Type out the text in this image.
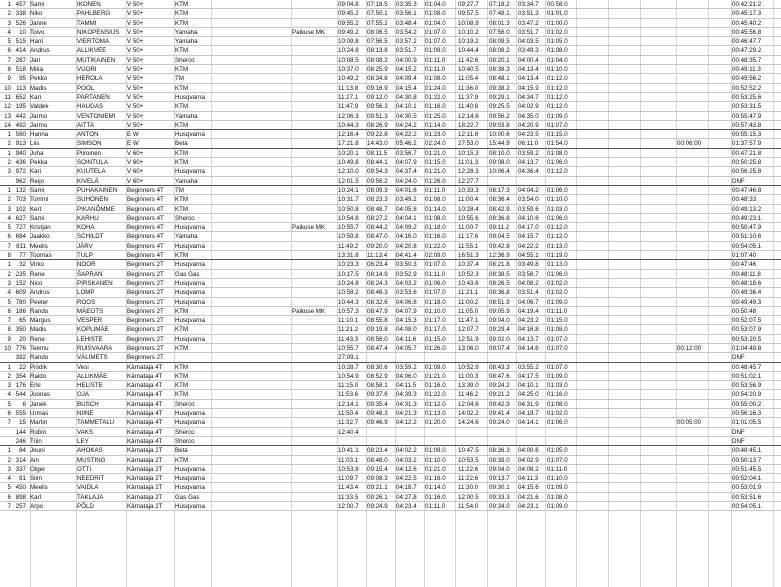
1 457 Sami	IKONEN	V 50+	KTM	09:04.8	07:18.5	03:35.3	01:04.0	09:27.7	07:18.2	03:34.7	00:58.0	00:42:21.2
2 338 Niko	PAHLBERG	V 50+	KTM	09:45.2	07:50.1	03:56.1	01:08.0	09:57.5	07:48.1	03:51.3	01:01.0	00:45:17.3
3 526 Janne	TAMMI	V 50+	KTM	09:55.2	07:55.2	03:48.4	01:04.0	10:08.9	08:01.3	03:47.2	01:00.0	00:45:40.2
4	10 Toivo	NIKOPENSIUS	V 50+	Yamaha	Paikuse MK	09:49.2	08:06.5	03:54.2	01:07.0	10:10.2	07:56.0	03:51.7	01:02.0	00:45:56.8
5 515 Harri	VIERTOMA	V 50+	Yamaha	10:09.8	07:56.5	03:57.2	01:07.0	10:19.2	08:09.5	04:03.5	01:05.0	00:46:47.7
6 414 Andrus	ALLIKVEE	V 50+	KTM	10:24.8	08:13.8	03:51.7	01:09.0	10:44.4	08:08.2	03:49.3	01:08.0	00:47:29.2
7 287 Jari	MUTIKAINEN	V 50+	Sherco	10:08.5	08:08.2	04:00.9	01:11.0	11:42.6	08:20.1	04:00.4	01:04.0	00:48:35.7
8 518 Mika	VUORI	V 50+	KTM	10:37.0	08:25.9	04:15.2	01:11.0	10:40.5	08:38.3	04:13.4	01:10.0	00:49:11.3
9	95 Pekko	HEROLA	V 50+	TM	10:49.2	08:34.8	04:09.4	01:08.0	11:05.4	08:48.1	04:13.4	01:12.0	00:49:56.2
10 113 Madis	POOL	V 50+	KTM	11:13.8	09:16.9	04:15.4	01:24.0	11:36.0	09:38.2	04:15.9	01:12.0	00:52:52.2
11 652 Kari	PARTANEN	V 50+	Husqvarna	11:27.1	09:12.0	04:30.8	01:22.0	11:37.9	09:29.1	04:34.7	01:12.0	00:53:25.6
12 195 Valdek	HAUGAS	V 50+	KTM	11:47.9	09:56.3	04:10.1	01:16.0	11:40.8	09:25.5	04:02.9	01:12.0	00:53:31.5
13 442 Jarmo	VENTONIEMI	V 50+	Yamaha	12:06.3	09:51.3	04:30.5	01:25.0	12:14.6	09:56.2	04:35.0	01:09.0	00:55:47.9
14 492 Jarmo	AITTA	V 50+	KTM	10:44.3	08:26.9	04:24.2	01:14.0	18:22.7	09:03.8	04:20.9	01:07.0	00:57:43.8
1 560 Hanna	ANTON	E W	Husqvarna	12:16.4	09:22.8	04:22.2	01:23.0	12:11.8	10:00.6	04:23.5	01:15.0	00:55:15.3
2 913 Liis	SIMSON	E W	Beta	17:21.8	14:43.0	05:46.2	02:24.0	27:53.0	15:44.9	06:11.0	01:54.0	00:06:00	01:37:57.9
1 940 Juha	Piiroinen	V 60+	KTM	10:20.1	08:11.5	03:56.7	01:21.0	10:15.3	08:10.0	03:59.2	01:08.0	00:47:21.8
2 436 Pekka	SOINTULA	V 60+	KTM	10:49.8	08:44.1	04:07.9	01:15.0	11:01.3	09:08.0	04:13.7	01:06.0	00:50:25.8
3 972 Kari	KUUTELA	V 60+	Husqvarna	12:10.0	09:54.3	04:37.4	01:21.0	12:28.3	10:06.4	04:36.4	01:12.0	00:56:25.8
962 Reijo	KIVELÄ	V 60+	Yamaha	12:01.5	09:56.2	04:24.0	01:26.0	12:27.7	DNF
1 132 Sami	PUHAKAINEN	Beginners 4T	TM	10:24.1	08:09.3	04:01.6	01:11.0	10:33.3	08:17.3	04:04.2	01:06.0	00:47:46.8
2 703 Tommi	SUHONEN	Beginners 4T	KTM	10:31.7	08:23.3	03:49.2	01:08.0	11:00.4	08:36.4	03:54.0	01:10.0	00:48:33
3 102 Kert	PIKANÕMME	Beginners 4T	KTM	10:50.8	08:48.7	04:05.8	01:14.0	10:28.4	08:42.9	03:59.6	01:03.0	00:49:13.2
4 627 Sami	KARHU	Beginners 4T	Sherco	10:54.8	08:27.2	04:04.1	01:08.0	10:55.6	08:36.8	04:10.6	01:06.0	00:49:23.1
5 727 Kristjan	KOHA	Beginners 4T	Husqvarna	Paikuse MK	10:55.7	08:44.2	04:09.2	01:18.0	11:00.7	09:11.2	04:17.0	01:12.0	00:50:47.9
6 684 Jaakko	SCHILDT	Beginners 4T	Yamaha	10:59.8	08:47.0	04:16.0	01:16.0	11:17.6	09:04.5	04:15.7	01:12.0	00:51:10.6
7 811 Meelis	JÄRV	Beginners 4T	Husqvarna	11:49.2	09:20.0	04:20.8	01:22.0	11:55.1	09:42.8	04:22.2	01:13.0	00:54:05.1
8	77 Toomas	TULP	Beginners 4T	KTM	13:31.8	11:13.4	04:41.4	02:09.0	16:51.3	12:36.9	04:55.1	01:19.0	01:07:40
1	32 Virko	NOOR	Beginners 2T	Husqvarna	10:23.3	08:23.4	03:50.3	01:07.0	10:37.4	08:21.8	03:49.8	01:13.0	00:47:46
2 235 Rene	ŠAPRAN	Beginners 2T	Gas Gas	10:17.5	08:14.9	03:52.9	01:11.0	10:52.3	08:38.5	03:58.7	01:06.0	00:48:11.8
3 152 Nico	PIRSKANEN	Beginners 2T	Husqvarna	10:24.8	08:24.3	04:03.2	01:06.0	10:43.6	08:26.5	04:08.2	01:02.0	00:48:18.6
4 609 Andrus	LOMP	Beginners 2T	Husqvarna	10:58.2	08:46.3	03:53.6	01:07.0	11:21.1	08:36.8	03:51.4	01:02.0	00:49:36.4
5 780 Peeter	ROOS	Beginners 2T	Husqvarna	10:44.3	08:32.6	04:06.8	01:18.0	11:00.2	08:51.9	04:06.7	01:09.0	00:49:49.3
6 186 Rando	MÄEOTS	Beginners 2T	KTM	Paikuse MK	10:57.3	08:47.9	04:07.9	01:10.0	11:05.0	09:05.9	04:19.4	01:11.0	00:50:48
7	65 Margus	VESPER	Beginners 2T	Husqvarna	11:10.1	08:55.8	04:15.3	01:17.0	11:47.1	09:04.0	04:23.2	01:15.0	00:52:07.5
8 350 Madis	KOPLIMÄE	Beginners 2T	KTM	11:21.2	09:19.8	04:08.0	01:17.0	12:07.7	09:29.4	04:16.8	01:08.0	00:53:07.9
9	20 Rene	LEHISTE	Beginners 2T	Husqvarna	11:43.3	08:56.0	04:11.6	01:15.0	12:51.9	09:02.0	04:13.7	01:07.0	00:53:20.5
10 776 Teemu	RUISVAARA	Beginners 2T	KTM	10:55.7	08:47.4	04:05.7	01:26.0	13:06.0	09:07.4	04:14.6	01:07.0	00:12:00	01:04:49.8
392 Rando	VÄLIMETS	Beginners 2T	27:09.1	DNF
1	22 Priidik	Vesi	Kärnataja 4T	KTM	10:28.7	08:30.6	03:59.2	01:09.0	10:52.9	08:43.3	03:55.2	01:07.0	00:48:45.7
2 354 Raido	ALLIKMÄE	Kärnataja 4T	KTM	10:54.9	08:52.9	04:06.0	01:21.0	11:00.3	08:47.6	04:17.5	01:09.0	00:51:02.1
3 176 Erki	HELISTE	Kärnataja 4T	KTM	11:15.0	08:58.1	04:11.5	01:16.0	13:39.0	09:24.2	04:10.1	01:03.0	00:53:56.9
4 544 Joonas	OJA	Kärnataja 4T	KTM	11:53.6	09:37.6	04:39.3	01:22.0	11:46.2	09:21.2	04:25.0	01:16.0	00:54:20.9
5	6 Janek	BUSCH	Kärnataja 4T	Sherco	12:14.1	09:35.4	04:31.3	01:12.0	12:04.6	09:42.9	04:31.9	01:08.0	00:55:00.2
6 555 Urmas	NIINE	Kärnataja 4T	Husqvarna	11:50.4	09:46.3	04:21.3	01:13.0	14:02.2	09:41.4	04:19.7	01:02.0	00:56:16.3
7	15 Martin	TAMMETALU	Kärnataja 4T	Husqvarna	11:32.7	09:46.9	04:12.2	01:20.0	14:24.6	09:24.0	04:14.1	01:06.0	00:05:00	01:01:05.5
144 Robin	VAKS	Kärnataja 4T	Sherco	12:40.4	DNF
246 Triin	LEY	Kärnataja 4T	Sherco	DNF
1	84 Jouni	AHOKAS	Kärnataja 2T	Beta	10:41.1	08:23.4	04:02.2	01:09.0	10:47.5	08:36.3	04:00.6	01:05.0	00:48:45.1
2 314 Ain	MUSTING	Kärnataja 2T	KTM	11:03.1	08:48.0	04:03.2	01:10.0	10:53.5	08:39.0	04:02.9	01:07.0	00:50:13.7
3 337 Olger	OTTI	Kärnataja 2T	Husqvarna	10:53.8	09:15.4	04:12.6	01:21.0	11:22.6	09:04.0	04:08.2	01:11.0	00:51:45.5
4	81 Siim	NEEDRIT	Kärnataja 2T	Husqvarna	11:09.7	09:08.3	04:22.5	01:16.0	11:22.6	09:13.7	04:11.3	01:10.0	00:52:04.1
5 450 Meelis	VAIDLA	Kärnataja 2T	Husqvarna	11:43.4	09:21.1	04:18.7	01:14.0	11:30.0	09:30.1	04:15.6	01:09.0	00:53:01.9
6 898 Karl	TAKLAJA	Kärnataja 2T	Gas Gas	11:33.5	09:26.1	04:27.8	01:16.0	12:00.5	09:33.3	04:21.6	01:08.0	00:53:51.6
7 257 Arpo	PÕLD	Kärnataja 2T	Husqvarna	12:00.7	09:24.9	04:23.4	01:11.0	11:54.0	09:34.0	04:23.1	01:09.0	00:54:05.1
